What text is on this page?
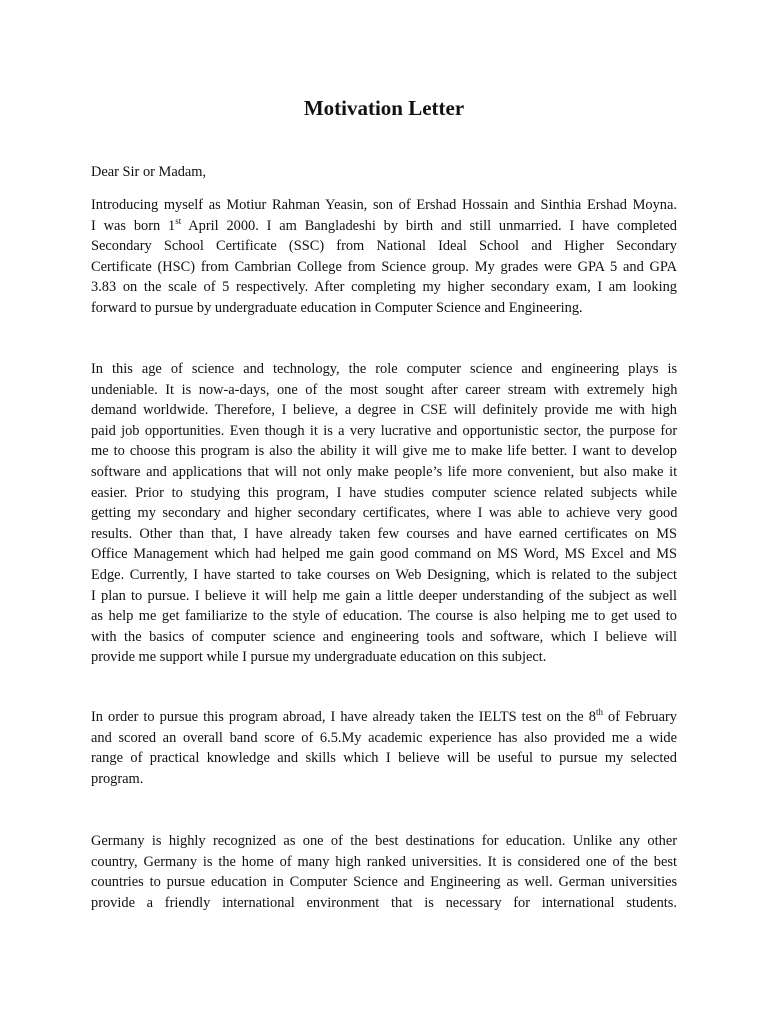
Motivation Letter

Dear Sir or Madam,

Introducing myself as Motiur Rahman Yeasin, son of Ershad Hossain and Sinthia Ershad Moyna.
I was born 1st April 2000. I am Bangladeshi by birth and still unmarried. I have completed
Secondary School Certificate (SSC) from National Ideal School and Higher Secondary
Certificate (HSC) from Cambrian College from Science group. My grades were GPA 5 and GPA
3.83 on the scale of 5 respectively. After completing my higher secondary exam, I am looking
forward to pursue by undergraduate education in Computer Science and Engineering.

In this age of science and technology, the role computer science and engineering plays is
undeniable. It is now-a-days, one of the most sought after career stream with extremely high
demand worldwide. Therefore, I believe, a degree in CSE will definitely provide me with high
paid job opportunities. Even though it is a very lucrative and opportunistic sector, the purpose for
me to choose this program is also the ability it will give me to make life better. I want to develop
software and applications that will not only make people’s life more convenient, but also make it
easier. Prior to studying this program, I have studies computer science related subjects while
getting my secondary and higher secondary certificates, where I was able to achieve very good
results. Other than that, I have already taken few courses and have earned certificates on MS
Office Management which had helped me gain good command on MS Word, MS Excel and MS
Edge. Currently, I have started to take courses on Web Designing, which is related to the subject
I plan to pursue. I believe it will help me gain a little deeper understanding of the subject as well
as help me get familiarize to the style of education. The course is also helping me to get used to
with the basics of computer science and engineering tools and software, which I believe will
provide me support while I pursue my undergraduate education on this subject.

In order to pursue this program abroad, I have already taken the IELTS test on the 8th of February
and scored an overall band score of 6.5.My academic experience has also provided me a wide
range of practical knowledge and skills which I believe will be useful to pursue my selected
program.

Germany is highly recognized as one of the best destinations for education. Unlike any other
country, Germany is the home of many high ranked universities. It is considered one of the best
countries to pursue education in Computer Science and Engineering as well. German universities
provide a friendly international environment that is necessary for international students.
